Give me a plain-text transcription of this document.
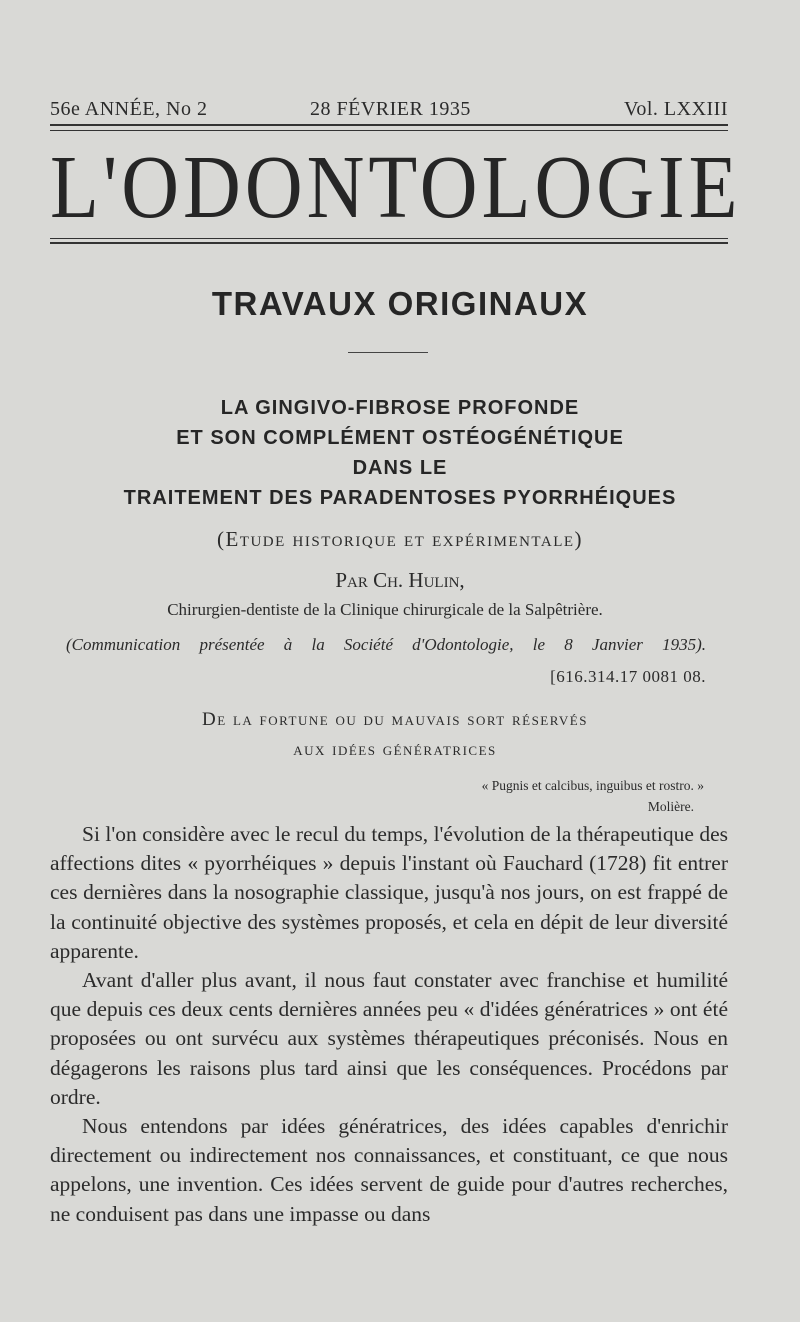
56e ANNÉE, No 2	28 FÉVRIER 1935	Vol. LXXIII
L'ODONTOLOGIE
TRAVAUX ORIGINAUX
LA GINGIVO-FIBROSE PROFONDE
ET SON COMPLÉMENT OSTÉOGÉNÉTIQUE
DANS LE
TRAITEMENT DES PARADENTOSES PYORRHÉIQUES
(Etude historique et expérimentale)
Par Ch. Hulin,
Chirurgien-dentiste de la Clinique chirurgicale de la Salpêtrière.
(Communication présentée à la Société d'Odontologie, le 8 Janvier 1935).
[616.314.17 0081 08.
De la fortune ou du mauvais sort réservés
aux idées génératrices
« Pugnis et calcibus, inguibus et rostro. »
Molière.

Si l'on considère avec le recul du temps, l'évolution de la thérapeutique des affections dites « pyorrhéiques » depuis l'instant où Fauchard (1728) fit entrer ces dernières dans la nosographie classique, jusqu'à nos jours, on est frappé de la continuité objective des systèmes proposés, et cela en dépit de leur diversité apparente.

Avant d'aller plus avant, il nous faut constater avec franchise et humilité que depuis ces deux cents dernières années peu « d'idées génératrices » ont été proposées ou ont survécu aux systèmes thérapeutiques préconisés. Nous en dégagerons les raisons plus tard ainsi que les conséquences. Procédons par ordre.

Nous entendons par idées génératrices, des idées capables d'enrichir directement ou indirectement nos connaissances, et constituant, ce que nous appelons, une invention. Ces idées servent de guide pour d'autres recherches, ne conduisent pas dans une impasse ou dans
